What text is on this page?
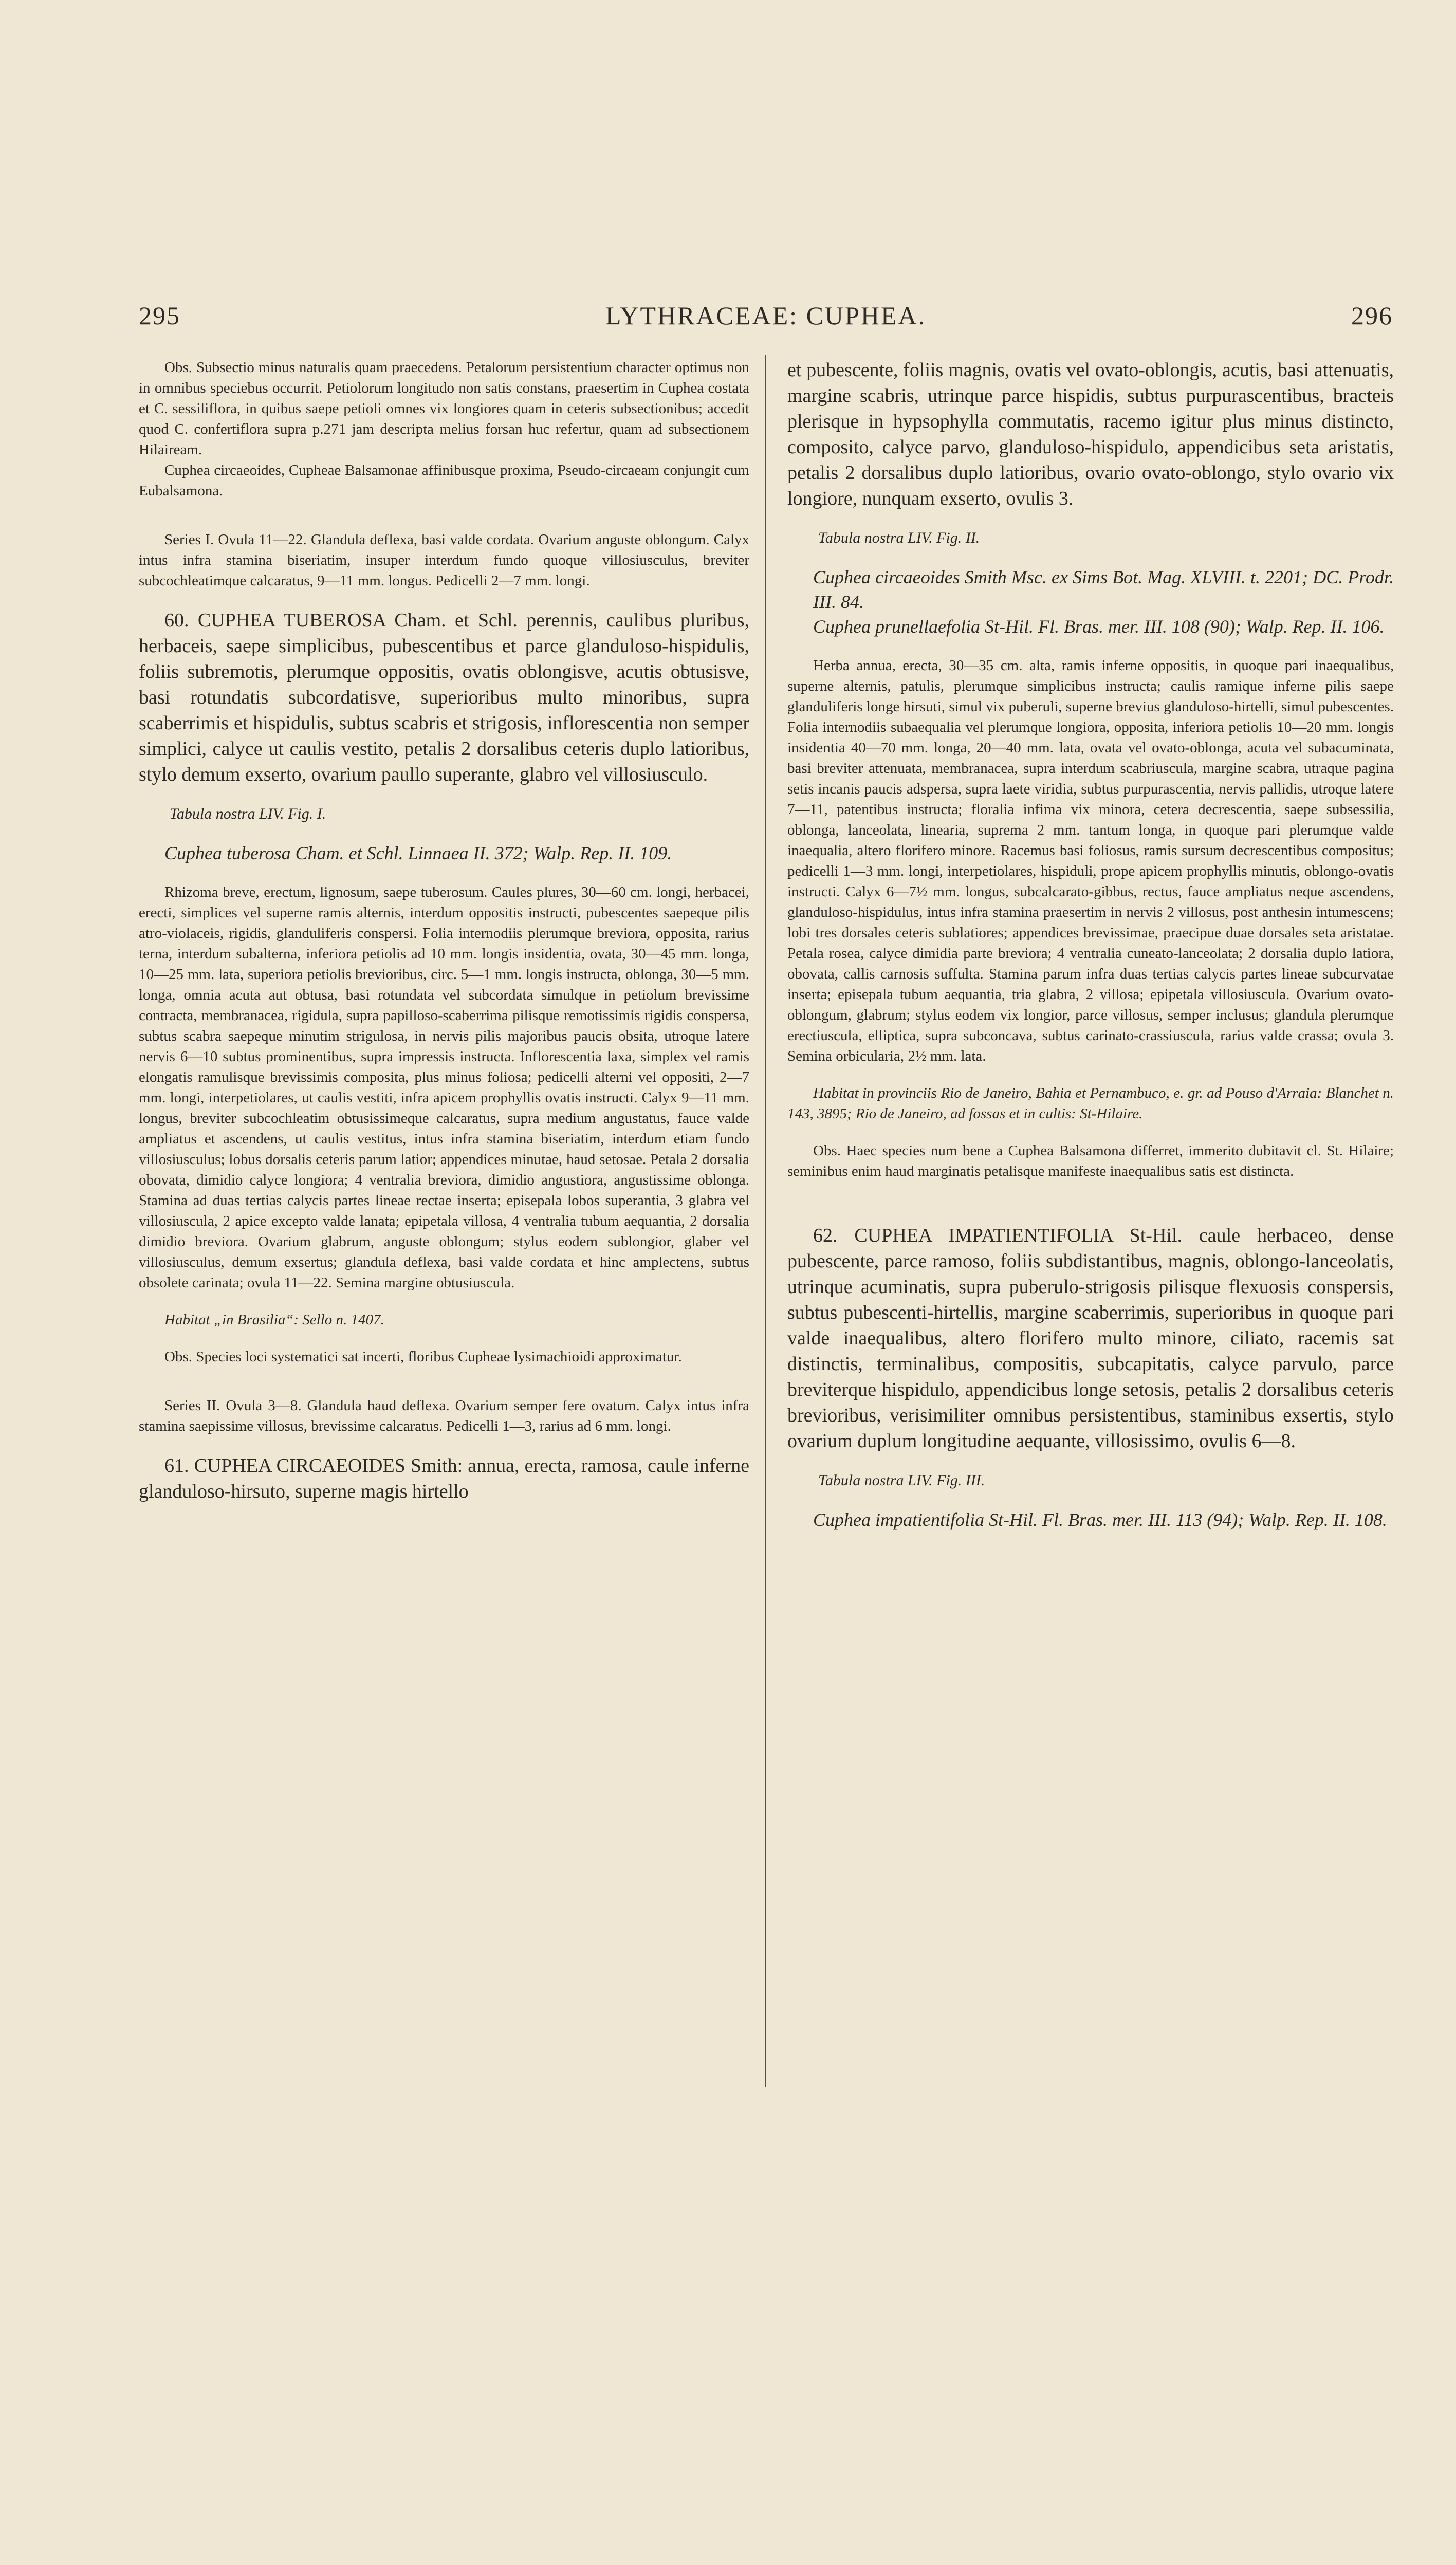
295	LYTHRACEAE: CUPHEA.	296

Obs. Subsectio minus naturalis quam praecedens. Petalorum persistentium character optimus non in omnibus speciebus occurrit. Petiolorum longitudo non satis constans, praesertim in Cuphea costata et C. sessiliflora, in quibus saepe petioli omnes vix longiores quam in ceteris subsectionibus; accedit quod C. confertiflora supra p.271 jam descripta melius forsan huc refertur, quam ad subsectionem Hilaiream.

Cuphea circaeoides, Cupheae Balsamonae affinibusque proxima, Pseudo-circaeam conjungit cum Eubalsamona.

Series I. Ovula 11—22. Glandula deflexa, basi valde cordata. Ovarium anguste oblongum. Calyx intus infra stamina biseriatim, insuper interdum fundo quoque villosiusculus, breviter subcochleatimque calcaratus, 9—11 mm. longus. Pedicelli 2—7 mm. longi.

60. CUPHEA TUBEROSA Cham. et Schl. perennis, caulibus pluribus, herbaceis, saepe simplicibus, pubescentibus et parce glanduloso-hispidulis, foliis subremotis, plerumque oppositis, ovatis oblongisve, acutis obtusisve, basi rotundatis subcordatisve, superioribus multo minoribus, supra scaberrimis et hispidulis, subtus scabris et strigosis, inflorescentia non semper simplici, calyce ut caulis vestito, petalis 2 dorsalibus ceteris duplo latioribus, stylo demum exserto, ovarium paullo superante, glabro vel villosiusculo.

Tabula nostra LIV. Fig. I.

Cuphea tuberosa Cham. et Schl. Linnaea II. 372; Walp. Rep. II. 109.

Rhizoma breve, erectum, lignosum, saepe tuberosum. Caules plures, 30—60 cm. longi, herbacei, erecti, simplices vel superne ramis alternis, interdum oppositis instructi, pubescentes saepeque pilis atro-violaceis, rigidis, glanduliferis conspersi. Folia internodiis plerumque breviora, opposita, rarius terna, interdum subalterna, inferiora petiolis ad 10 mm. longis insidentia, ovata, 30—45 mm. longa, 10—25 mm. lata, superiora petiolis brevioribus, circ. 5—1 mm. longis instructa, oblonga, 30—5 mm. longa, omnia acuta aut obtusa, basi rotundata vel subcordata simulque in petiolum brevissime contracta, membranacea, rigidula, supra papilloso-scaberrima pilisque remotissimis rigidis conspersa, subtus scabra saepeque minutim strigulosa, in nervis pilis majoribus paucis obsita, utroque latere nervis 6—10 subtus prominentibus, supra impressis instructa. Inflorescentia laxa, simplex vel ramis elongatis ramulisque brevissimis composita, plus minus foliosa; pedicelli alterni vel oppositi, 2—7 mm. longi, interpetiolares, ut caulis vestiti, infra apicem prophyllis ovatis instructi. Calyx 9—11 mm. longus, breviter subcochleatim obtusissimeque calcaratus, supra medium angustatus, fauce valde ampliatus et ascendens, ut caulis vestitus, intus infra stamina biseriatim, interdum etiam fundo villosiusculus; lobus dorsalis ceteris parum latior; appendices minutae, haud setosae. Petala 2 dorsalia obovata, dimidio calyce longiora; 4 ventralia breviora, dimidio angustiora, angustissime oblonga. Stamina ad duas tertias calycis partes lineae rectae inserta; episepala lobos superantia, 3 glabra vel villosiuscula, 2 apice excepto valde lanata; epipetala villosa, 4 ventralia tubum aequantia, 2 dorsalia dimidio breviora. Ovarium glabrum, anguste oblongum; stylus eodem sublongior, glaber vel villosiusculus, demum exsertus; glandula deflexa, basi valde cordata et hinc amplectens, subtus obsolete carinata; ovula 11—22. Semina margine obtusiuscula.

Habitat „in Brasilia“: Sello n. 1407.

Obs. Species loci systematici sat incerti, floribus Cupheae lysimachioidi approximatur.

Series II. Ovula 3—8. Glandula haud deflexa. Ovarium semper fere ovatum. Calyx intus infra stamina saepissime villosus, brevissime calcaratus. Pedicelli 1—3, rarius ad 6 mm. longi.

61. CUPHEA CIRCAEOIDES Smith: annua, erecta, ramosa, caule inferne glanduloso-hirsuto, superne magis hirtello

et pubescente, foliis magnis, ovatis vel ovato-oblongis, acutis, basi attenuatis, margine scabris, utrinque parce hispidis, subtus purpurascentibus, bracteis plerisque in hypsophylla commutatis, racemo igitur plus minus distincto, composito, calyce parvo, glanduloso-hispidulo, appendicibus seta aristatis, petalis 2 dorsalibus duplo latioribus, ovario ovato-oblongo, stylo ovario vix longiore, nunquam exserto, ovulis 3.

Tabula nostra LIV. Fig. II.

Cuphea circaeoides Smith Msc. ex Sims Bot. Mag. XLVIII. t. 2201; DC. Prodr. III. 84.

Cuphea prunellaefolia St-Hil. Fl. Bras. mer. III. 108 (90); Walp. Rep. II. 106.

Herba annua, erecta, 30—35 cm. alta, ramis inferne oppositis, in quoque pari inaequalibus, superne alternis, patulis, plerumque simplicibus instructa; caulis ramique inferne pilis saepe glanduliferis longe hirsuti, simul vix puberuli, superne brevius glanduloso-hirtelli, simul pubescentes. Folia internodiis subaequalia vel plerumque longiora, opposita, inferiora petiolis 10—20 mm. longis insidentia 40—70 mm. longa, 20—40 mm. lata, ovata vel ovato-oblonga, acuta vel subacuminata, basi breviter attenuata, membranacea, supra interdum scabriuscula, margine scabra, utraque pagina setis incanis paucis adspersa, supra laete viridia, subtus purpurascentia, nervis pallidis, utroque latere 7—11, patentibus instructa; floralia infima vix minora, cetera decrescentia, saepe subsessilia, oblonga, lanceolata, linearia, suprema 2 mm. tantum longa, in quoque pari plerumque valde inaequalia, altero florifero minore. Racemus basi foliosus, ramis sursum decrescentibus compositus; pedicelli 1—3 mm. longi, interpetiolares, hispiduli, prope apicem prophyllis minutis, oblongo-ovatis instructi. Calyx 6—7½ mm. longus, subcalcarato-gibbus, rectus, fauce ampliatus neque ascendens, glanduloso-hispidulus, intus infra stamina praesertim in nervis 2 villosus, post anthesin intumescens; lobi tres dorsales ceteris sublatiores; appendices brevissimae, praecipue duae dorsales seta aristatae. Petala rosea, calyce dimidia parte breviora; 4 ventralia cuneato-lanceolata; 2 dorsalia duplo latiora, obovata, callis carnosis suffulta. Stamina parum infra duas tertias calycis partes lineae subcurvatae inserta; episepala tubum aequantia, tria glabra, 2 villosa; epipetala villosiuscula. Ovarium ovato-oblongum, glabrum; stylus eodem vix longior, parce villosus, semper inclusus; glandula plerumque erectiuscula, elliptica, supra subconcava, subtus carinato-crassiuscula, rarius valde crassa; ovula 3. Semina orbicularia, 2½ mm. lata.

Habitat in provinciis Rio de Janeiro, Bahia et Pernambuco, e. gr. ad Pouso d'Arraia: Blanchet n. 143, 3895; Rio de Janeiro, ad fossas et in cultis: St-Hilaire.

Obs. Haec species num bene a Cuphea Balsamona differret, immerito dubitavit cl. St. Hilaire; seminibus enim haud marginatis petalisque manifeste inaequalibus satis est distincta.

62. CUPHEA IMPATIENTIFOLIA St-Hil. caule herbaceo, dense pubescente, parce ramoso, foliis subdistantibus, magnis, oblongo-lanceolatis, utrinque acuminatis, supra puberulo-strigosis pilisque flexuosis conspersis, subtus pubescenti-hirtellis, margine scaberrimis, superioribus in quoque pari valde inaequalibus, altero florifero multo minore, ciliato, racemis sat distinctis, terminalibus, compositis, subcapitatis, calyce parvulo, parce breviterque hispidulo, appendicibus longe setosis, petalis 2 dorsalibus ceteris brevioribus, verisimiliter omnibus persistentibus, staminibus exsertis, stylo ovarium duplum longitudine aequante, villosissimo, ovulis 6—8.

Tabula nostra LIV. Fig. III.

Cuphea impatientifolia St-Hil. Fl. Bras. mer. III. 113 (94); Walp. Rep. II. 108.
